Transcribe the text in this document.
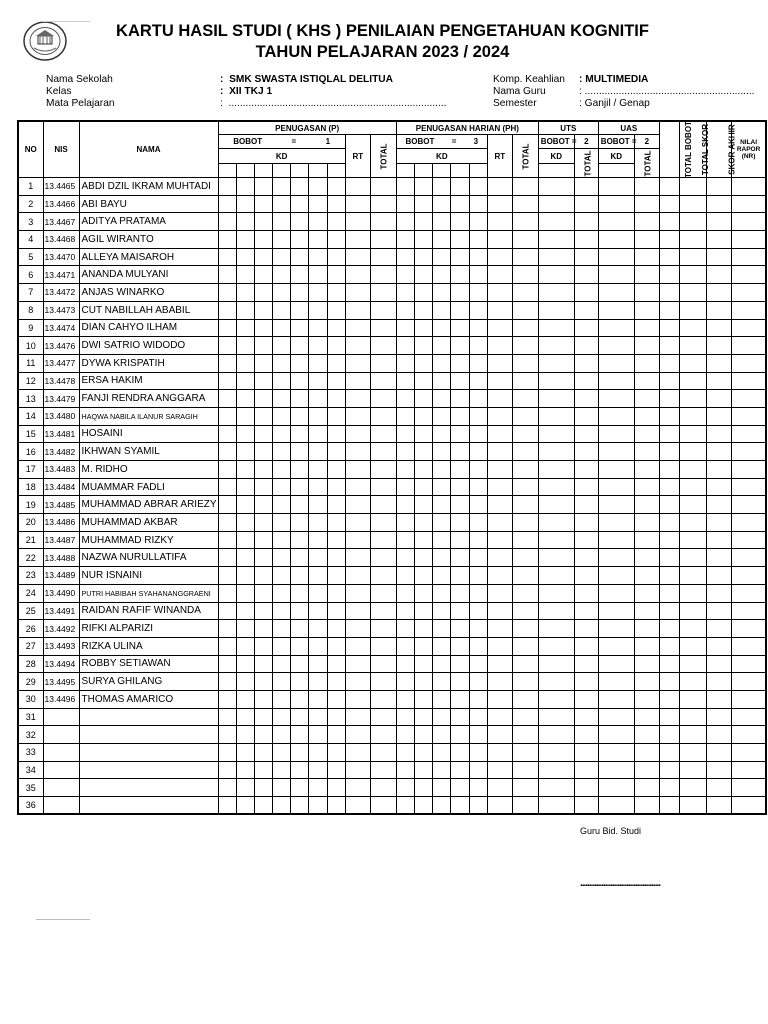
KARTU HASIL STUDI ( KHS ) PENILAIAN PENGETAHUAN KOGNITIF
TAHUN PELAJARAN 2023 / 2024
Nama Sekolah	: SMK SWASTA ISTIQLAL DELITUA
Kelas	: XII TKJ 1
Mata Pelajaran	: .............................................................................
Komp. Keahlian : MULTIMEDIA
Nama Guru	: ............................................................
Semester	: Ganjil / Genap
NO	NIS	NAMA	PENUGASAN (P)									PENUGASAN HARIAN (PH)							UTS		UAS		TOTAL BOBOT	TOTAL SKOR	SKOR AKHIR	NILAI RAPOR (NR)

			BOBOT = 1							RT	TOTAL	BOBOT = 3					RT	TOTAL	BOBOT =	2	BOBOT =	2				
			KD									KD							KD	TOTAL	KD	TOTAL				

1	13.4465	ABDI DZIL IKRAM MUHTADI																								
2	13.4466	ABI BAYU																								
3	13.4467	ADITYA PRATAMA																								
4	13.4468	AGIL WIRANTO																								
5	13.4470	ALLEYA MAISAROH																								
6	13.4471	ANANDA MULYANI																								
7	13.4472	ANJAS WINARKO																								
8	13.4473	CUT NABILLAH ABABIL																								
9	13.4474	DIAN CAHYO ILHAM																								
10	13.4476	DWI SATRIO WIDODO																								
11	13.4477	DYWA KRISPATIH																								
12	13.4478	ERSA HAKIM																								
13	13.4479	FANJI RENDRA ANGGARA																								
14	13.4480	HAQWA NABILA ILANUR SARAGIH																								
15	13.4481	HOSAINI																								
16	13.4482	IKHWAN SYAMIL																								
17	13.4483	M. RIDHO																								
18	13.4484	MUAMMAR FADLI																								
19	13.4485	MUHAMMAD ABRAR ARIEZY																								
20	13.4486	MUHAMMAD AKBAR																								
21	13.4487	MUHAMMAD RIZKY																								
22	13.4488	NAZWA NURULLATIFA																								
23	13.4489	NUR ISNAINI																								
24	13.4490	PUTRI HABIBAH SYAHANANGGRAENI																								
25	13.4491	RAIDAN RAFIF WINANDA																								
26	13.4492	RIFKI ALPARIZI																								
27	13.4493	RIZKA ULINA																								
28	13.4494	ROBBY SETIAWAN																								
29	13.4495	SURYA GHILANG																								
30	13.4496	THOMAS AMARICO																								
31																										
32																										
33																										
34																										
35																										
36																										
Guru Bid. Studi
.............................................
